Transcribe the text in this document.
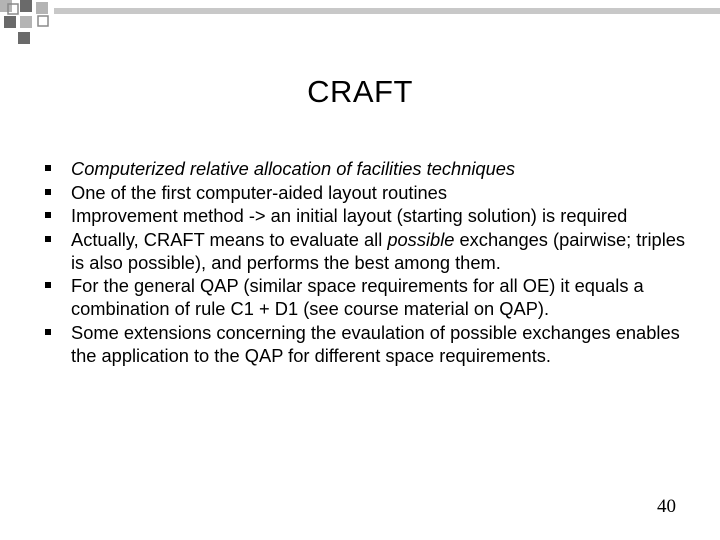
CRAFT
Computerized relative allocation of facilities techniques
One of the first computer-aided layout routines
Improvement method -> an initial layout (starting solution) is required
Actually, CRAFT means to evaluate all possible exchanges (pairwise; triples is also possible), and performs the best among them.
For the general QAP (similar space requirements for all OE) it equals a combination of rule C1 + D1 (see course material on QAP).
Some extensions concerning the evaulation of possible exchanges enables the application to the QAP for different space requirements.
40
